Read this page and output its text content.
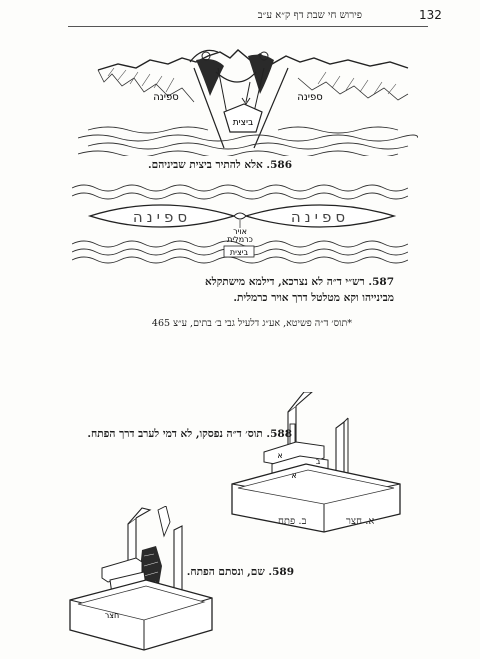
פירוש חי שבת דף ק״א ע״ב	132
ספינה	ספינה
ביצית
586. אלא להתיר ביצית שביניהם.
ספינה	ספינה
אויר
כרמלית
ביצית
587. רש״י ד״ה לא נצרכא, דילמא מישתקלא
מבינייהו וקא מטלטל דרך אויר כרמלית.
*תוס׳ ד״ה פשיטא, אע״ג דלעיל גבי ב׳ בתים, ע״צ 465
א
ב
א
588. תוס׳ ד״ה נפסקו, לא דמי לערב דרך הפתח.
א. חצר
ב. פתח
חצר
589. שם, ונסתם הפתח.
